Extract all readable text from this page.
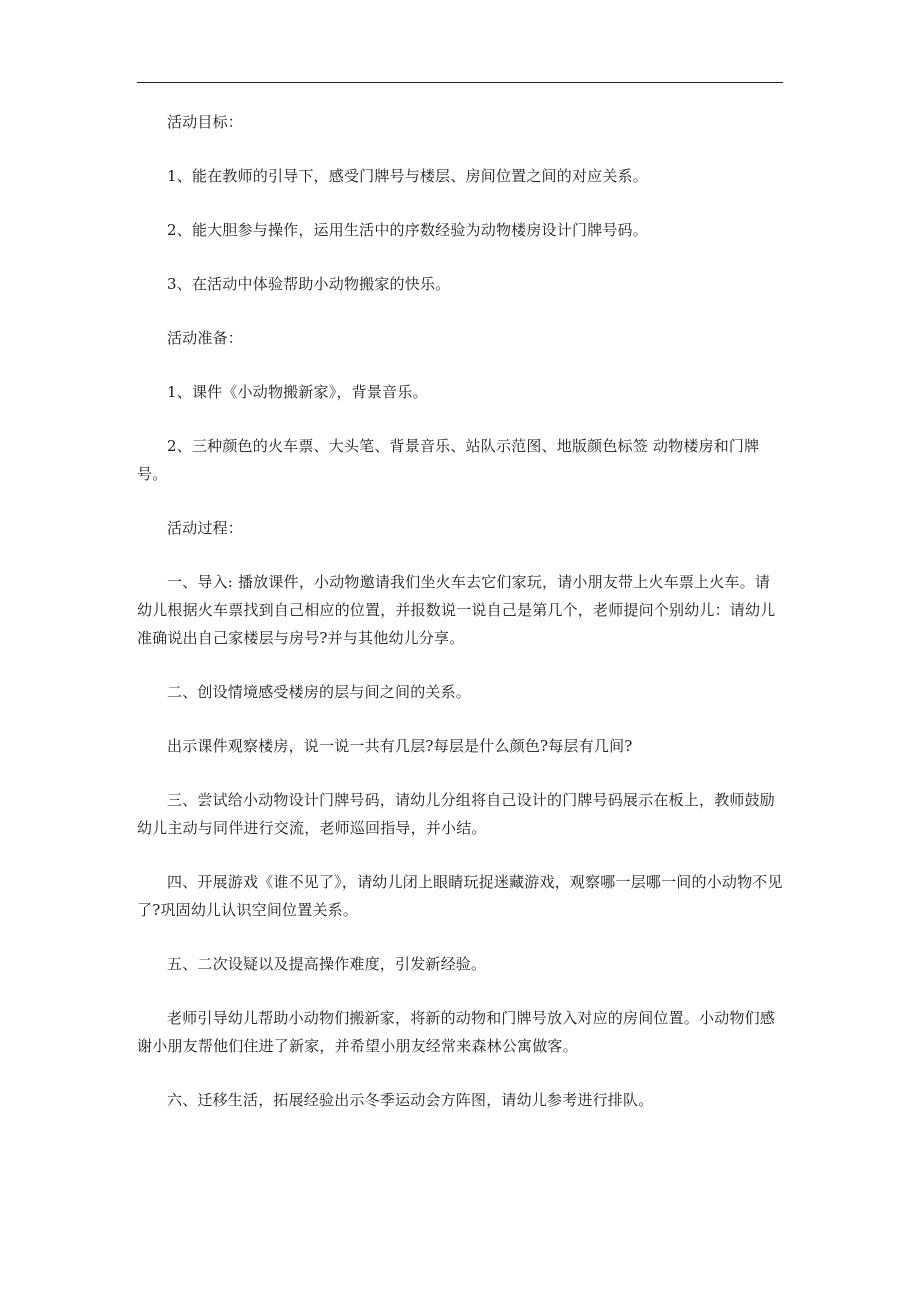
活动目标：

1、能在教师的引导下，感受门牌号与楼层、房间位置之间的对应关系。

2、能大胆参与操作，运用生活中的序数经验为动物楼房设计门牌号码。

3、在活动中体验帮助小动物搬家的快乐。

活动准备：

1、课件《小动物搬新家》，背景音乐。

2、三种颜色的火车票、大头笔、背景音乐、站队示范图、地版颜色标签 动物楼房和门牌号。

活动过程：

一、导入: 播放课件，小动物邀请我们坐火车去它们家玩，请小朋友带上火车票上火车。请幼儿根据火车票找到自己相应的位置，并报数说一说自己是第几个，老师提问个别幼儿：请幼儿准确说出自己家楼层与房号?并与其他幼儿分享。

二、创设情境感受楼房的层与间之间的关系。

出示课件观察楼房，说一说一共有几层?每层是什么颜色?每层有几间?

三、尝试给小动物设计门牌号码，请幼儿分组将自己设计的门牌号码展示在板上，教师鼓励幼儿主动与同伴进行交流，老师巡回指导，并小结。

四、开展游戏《谁不见了》，请幼儿闭上眼睛玩捉迷藏游戏，观察哪一层哪一间的小动物不见了?巩固幼儿认识空间位置关系。

五、二次设疑以及提高操作难度，引发新经验。

老师引导幼儿帮助小动物们搬新家，将新的动物和门牌号放入对应的房间位置。小动物们感谢小朋友帮他们住进了新家，并希望小朋友经常来森林公寓做客。

六、迁移生活，拓展经验出示冬季运动会方阵图，请幼儿参考进行排队。
